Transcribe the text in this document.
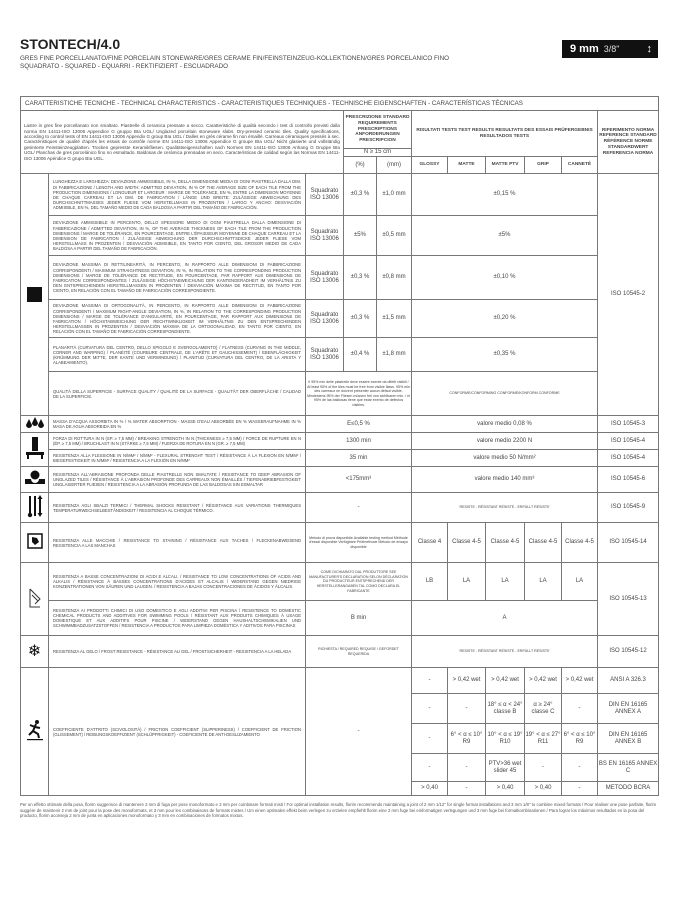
STONTECH/4.0
GRES FINE PORCELLANATO/FINE PORCELAIN STONEWARE/GRES CERAME FIN/FEINSTEINZEUG-KOLLEKTIONEN/GRES PORCELANICO FINO
SQUADRATO - SQUARED - EQUARRI - REKTIFIZIERT - ESCUADRADO
9 mm 3/8" ↕
CARATTERISTICHE TECNICHE - TECHNICAL CHARACTERISTICS - CARACTERISTIQUES TECHNIQUES - TECHNISCHE EIGENSCHAFTEN - CARACTERÍSTICAS TÉCNICAS										
Lastre in gres fine porcellanato non smaltato. Piastrelle di ceramica pressate a secco. Caratteristiche di qualità secondo i test di controllo previsti dalla norma EN 14411-ISO 13006 Appendice G gruppo BIa UGL/ Unglazed porcelain stoneware slabs. Dry-pressed ceramic tiles. Quality specifications, according to control tests of EN 14411-ISO 13006 Appendix G group BIa UGL / Dalles en grès cérame fin non émaillé. Carreaux céramiques pressés à sec. Caractéristiques de qualité d'après les essais de contrôle norme EN 14411-ISO 13006 Appendice G groupe BIa UGL/ Nicht glasierte und vollständig gesinterte Feinsteinzeugplatten. Trocken gepresste Keramikfliesen. Qualitätseigenschaften nach Normen EN 14411-ISO 13006 Anhang G Gruppe BIa UGL/ Planchas de gres porcelánico fino no esmaltado. Baldosas de cerámica prensadas en seco. Características de calidad según las Normas EN 14411-ISO 13006 Apéndice G grupo BIa UGL.			PRESCRIZIONE STANDARD REQUIREMENTS PRESCRIPTIONS ANFORDERUNGEN PRESCRIPCION		RISULTATI TESTS TEST RESULTS RESULTATS DES ESSAIS PRÜFERGEBNIS RESULTADOS TESTS					RIFERIMENTO NORMA REFERENCE STANDARD RÉFÉRENCE NORME STANDARDWERT REFERENCIA NORMA
			N ≥ 15 cm							
			(%)	(mm)	GLOSSY	MATTE	MATTE PTV	GRIP	CANNETÉ	

	LUNGHEZZA E LARGHEZZA: DEVIAZIONE AMMISSIBILE, IN %, DELLA DIMENSIONE MEDIA DI OGNI PIASTRELLA DALLA DIM. DI FABBRICAZIONE / LENGTH AND WIDTH: ADMITTED DEVIATION, IN % OF THE AVERAGE SIZE OF EACH TILE FROM THE PRODUCTION DIMENSIONS / LONGUEUR ET LARGEUR : MARGE DE TOLÉRANCE, EN %, ENTRE LA DIMENSION MOYENNE DE CHAQUE CARREAU ET LA DIM. DE FABRICATION / LÄNGE UND BREITE: ZULÄSSIGE ABWEICHUNG DES DURCHSCHNITTMASSES JEDER FLIESE VOM HERSTELLMASS IN PROZENTEN / LARGO Y ANCHO: DESVIACIÓN ADMISIBLE, EN %, DEL TAMAÑO MEDIO DE CADA BALDOSA A PARTIR DEL TAMAÑO DE FABRICACIÓN.	Squadrato ISO 13006	±0,3 %	±1,0 mm	±0,15 %					ISO 10545-2
	DEVIAZIONE AMMISSIBILE IN PERCENTO, DELLO SPESSORE MEDIO DI OGNI PIASTRELLA DALLA DIMENSIONE DI FABBRICAZIONE / ADMITTED DEVIATION, IN %, OF THE AVERAGE THICKNESS OF EACH TILE FROM THE PRODUCTION DIMENSIONS / MARGE DE TOLÉRANCE, EN POURCENTAGE, ENTRE L'ÉPAISSEUR MOYENNE DE CHAQUE CARREAU ET LA DIMENSION DE FABRICATION / ZULÄSSIGE ABWEICHUNG DER DURCHSCHNITTSDICKE JEDER FLIESE VOM HERSTELLMASS IN PROZENTEN / DESVIACIÓN ADMISIBLE, EN TANTO POR CIENTO, DEL GROSOR MEDIO DE CADA BALDOSA A PARTIR DEL TAMAÑO DE FABRICACIÓN.	Squadrato ISO 13006	±5%	±0,5 mm	±5%					
	DEVIAZIONE MASSIMA DI RETTILINEARITÀ, IN PERCENTO, IN RAPPORTO ALLE DIMENSIONI DI FABBRICAZIONE CORRISPONDENTI / MAXIMUM STRAIGHTNESS DEVIATION, IN %, IN RELATION TO THE CORRESPONDING PRODUCTION DIMENSIONS / MARGE DE TOLÉRANCE DE RECTITUDE, EN POURCENTAGE, PAR RAPPORT AUX DIMENSIONS DE FABRICATION CORRESPONDANTES / ZULÄSSIGE HÖCHSTABWEICHUNG DER KANTENGERADHEIT IM VERHÄLTNIS ZU DEN ENTSPRECHENDEN HERSTELLMASSEN IN PROZENTEN / DESVIACIÓN MÁXIMA DE RECTITUD, EN TANTO POR CIENTO, EN RELACIÓN CON EL TAMAÑO DE FABRICACIÓN CORRESPONDIENTE.	Squadrato ISO 13006	±0,3 %	±0,8 mm	±0,10 %					
	DEVIAZIONE MASSIMA DI ORTOGONALITÀ, IN PERCENTO, IN RAPPORTO ALLE DIMENSIONI DI FABBRICAZIONE CORRISPONDENTI / MAXIMUM RIGHT-ANGLE DEVIATION, IN %, IN RELATION TO THE CORRESPONDING PRODUCTION DIMENSIONS / MARGE DE TOLÉRANCE D'ANGULARITÉ, EN POURCENTAGE, PAR RAPPORT AUX DIMENSIONS DE FABRICATION / HÖCHSTABWEICHUNG DER RECHTWINKLIGKEIT IM VERHÄLTNIS ZU DEN ENTSPRECHENDEN HERSTELLMASSEN IN PROZENTEN / DESVIACIÓN MÁXIMA DE LA ORTOGONALIDAD, EN TANTO POR CIENTO, EN RELACIÓN CON EL TAMAÑO DE FABRICACIÓN CORRESPONDIENTE.	Squadrato ISO 13006	±0,3 %	±1,5 mm	±0,20 %					
	PLANARITÀ (CURVATURA DEL CENTRO, DELLO SPIGOLO E SVERGOLAMENTO) / FLATNESS (CURVING IN THE MIDDLE, CORNER AND WARPING) / PLANÉITÉ (COURBURE CENTRALE, DE L'ARÊTE ET GAUCHISSEMENT) / EBENFLÄCHIGKEIT (KRÜMMUNG DER MITTE, DER KANTE UND VERWINDUNG) / PLANITUD (CURVATURA DEL CENTRO, DE LA ARISTA Y ALABEAMIENTO).	Squadrato ISO 13006	±0,4 %	±1,8 mm	±0,35 %					
	QUALITÀ DELLA SUPERFICIE - SURFACE QUALITY / QUALITÉ DE LA SURFACE - QUALITÄT DER OBERFLÄCHE / CALIDAD DE LA SUPERFICIE.	Il 95% min delle piastrelle deve essere esente da difetti visibili / At least 95% of the tiles must be free from visible flaws. 95% min des carreaux ne doivent présenter aucun défaut visible. Mindestens 95% der Fliesen müssen frei von sichtbaren min. / el 95% de las baldosas tiene que estar exento de defectos visibles.			CONFORME/CONFORMING CONFORME/KONFORM CONFORME					
	MASSA D'ACQUA ASSORBITA IN % / % WATER ABSORPTION - MASSE D'EAU ABSORBÉE EN % WASSERAUFNAHME IN % MASA DE AGUA ABSORBIDA EN %	E≤0,5 %			valore medio 0,08 %					ISO 10545-3
	FORZA DI ROTTURA IN N (SP. ≥ 7,5 MM) / BREAKING STRENGTH IN N (THICKNESS ≥ 7,5 MM) / FORCE DE RUPTURE EN N (ÉP. ≥ 7,5 MM) / BRUCHLAST IN N (STÄRKE ≥ 7,5 MM) / FUERZA DE ROTURA EN N (GR. ≥ 7,5 MM)	1300 min			valore medio 2200 N					ISO 10545-4
	RESISTENZA ALLA FLESSIONE IN N/MM² / N/MM² - FLEXURAL STRENGHT TEST / RÉSISTANCE À LA FLEXION EN N/MM² / BIEGEFESTIGKEIT IN N/MM² / RESISTENCIA A LA FLEXIÓN EN N/MM²	35 min			valore medio 50 N/mm²					ISO 10545-4
	RESISTENZA ALL'ABRASIONE PROFONDA DELLE PIASTRELLE NON SMALTATE / RESISTANCE TO DEEP ABRASION OF UNGLAZED TILES / RÉSISTANCE À L'ABRASION PROFONDE DES CARREAUX NON ÉMAILLÉS / TIEFENABRIEBFESTIGKEIT UNGLASIERTER FLIESEN / RESISTENCIA A LA ABRASIÓN PROFUNDA DE LAS BALDOSAS SIN ESMALTAR	<175mm³			valore medio 140 mm³					ISO 10545-6
	RESISTENZA AGLI SBALZI TERMICI / THERMAL SHOCKS RESISTANT / RÉSISTANCE AUX VARIATIONS THERMIQUES TEMPERATURWECHSELBESTÄNDIGKEIT / RESISTENCIA AL CHOQUE TÉRMICO.	-			RESISTE - RÉSISTANT RÉSISTE - ERFÜLLT RESISTE					ISO 10545-9
	RESISTENZA ALLE MACCHIE / RESISTANCE TO STAINING / RÉSISTANCE AUX TACHES / FLECKENABWEISEND RESISTENCIA A LAS MANCHAS	Metodo di prova disponibile Available testing method Méthode d'essai disponible Verfügbare Prüfmethode Método de ensayo disponible			Classe 4	Classe 4-5	Classe 4-5	Classe 4-5	Classe 4-5	ISO 10545-14
	RESISTENZA A BASSE CONCENTRAZIONI DI ACIDI E ALCALI. / RESISTANCE TO LOW CONCENTRATIONS OF ACIDS AND ALKALIS / RÉSISTANCE À BASSES CONCENTRATIONS D'ACIDES ET ALCALIS / WIDERSTAND GEGEN NIEDRIGE KONZENTRATIONEN VON SÄUREN UND LAUGEN. / RESISTENCIA A BAJAS CONCENTRACIONES DE ÁCIDOS Y ÁLCALIS.	COME DICHIARATO DAL PRODUTTORE SEE MANUFACTURER'S DECLARATION SELON DÉCLARATION DU PRODUCTEUR ENTSPRECHEND DER HERSTELLERANGABEN TAL COMO DECLARA EL FABRICANTE			LB	LA	LA	LA	LA	ISO 10545-13
	RESISTENZA AI PRODOTTI CHIMICI DI USO DOMESTICO E AGLI ADDITIVI PER PISCINA / RESISTENCE TO DOMESTIC CHEMICAL PRODUCTS AND ADDITIVES FOR SWIMMING POOLS / RÉSISTANT AUX PRODUITS CHIMIQUES À USAGE DOMESTIQUE ET AUX ADDITIFS POUR PISCINE / WIDERSTAND GEGEN HAUSHALTSCHEMIKALIEN UND SCHWIMMBADZUSATZSTOFFEN / RESISTENCIA A PRODUCTOS PARA LIMPIEZA DOMÉSTICA Y ADITIVOS PARA PISCINAS	B min			A					
❄	RESISTENZA AL GELO / FROST RESISTANCE - RÉSISTANCE AU GEL / FROSTSICHERHEIT - RESISTENCIA A LA HELADA	RICHIESTA / REQUIRED REQUISE / GEFORDET REQUERIDA			RESISTE - RÉSISTANT RÉSISTE - ERFÜLLT RESISTE					ISO 10545-12
	COEFFICIENTE D'ATTRITO (SCIVOLOSITÀ) / FRICTION COEFFICIENT (SLIPPERINESS) / COEFFICIENT DE FRICTION (GLISSEMENT) / REIBUNGSKOEFFIZIENT (SCHLÜPFRIGKEIT) - COEFICIENTE DE ANTI-DESLIZAMIENTO	-			-	> 0,42 wet	> 0,42 wet	> 0,42 wet	> 0,42 wet	ANSI A 326.3
					-	-	18° ≤ α < 24° classe B	α ≥ 24° classe C	-	DIN EN 16165 ANNEX A
					-	6° < α ≤ 10° R9	10° < α ≤ 19° R10	19° < α ≤ 27° R11	6° < α ≤ 10° R9	DIN EN 16165 ANNEX B
					-	-	PTV>36 wet slider 45	-	-	BS EN 16165 ANNEX C
					> 0,40	-	> 0,40	> 0,40	-	METODO BCRA
Per un effetto ottimale della posa, florim suggerisce di mantenere 2 mm di fuga per pose monoformato e 3 mm per combinare formati misti / For optimal installation results, florim recommends maintaining a joint of 2 mm 1/12" for single format installations and 3 mm 1/8" to combine mixed formats / Pour réaliser une pose parfaite, florim suggère de maintenir 2 mm de joint pour la pose des monoformats, et 3 mm pour les combinaisons de formats mixtes / Um einen optimalen effekt beim verlegen zu erzielen empfiehlt florim eine 2 mm fuge bei einformatigen verlegungen und 3 mm fuge bei formatkombinationen / Para lograr los máximos resultados en la posa del producto, florim aconseja 2 mm de junta en aplicaciones monoformato y 3 mm en combinaciones de formatos mixtos.
